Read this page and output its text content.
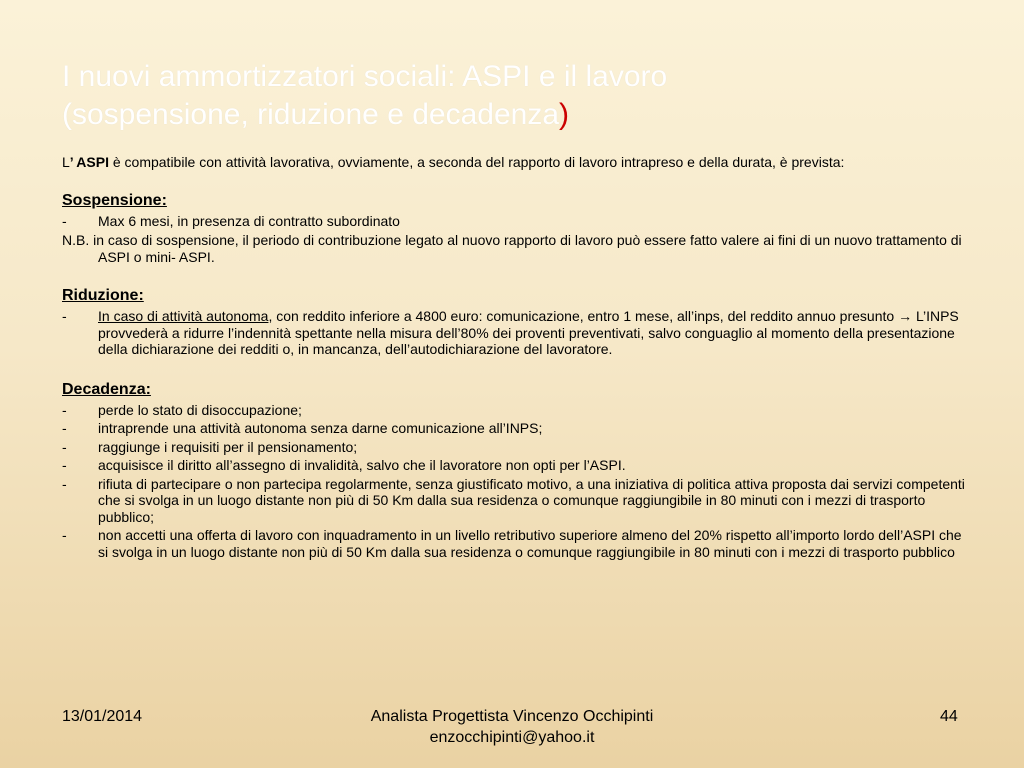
I nuovi ammortizzatori sociali: ASPI e il lavoro
(sospensione, riduzione e decadenza)

L’ ASPI è compatibile con attività lavorativa, ovviamente, a seconda del rapporto di lavoro intrapreso e della durata, è prevista:

Sospensione:
- Max 6 mesi, in presenza di contratto subordinato

N.B. in caso di sospensione, il periodo di contribuzione legato al nuovo rapporto di lavoro può essere fatto valere ai fini di un nuovo trattamento di ASPI o mini- ASPI.

Riduzione:
- In caso di attività autonoma, con reddito inferiore a 4800 euro: comunicazione, entro 1 mese, all’inps, del reddito annuo presunto → L’INPS provvederà a ridurre l’indennità spettante nella misura dell’80% dei proventi preventivati, salvo conguaglio al momento della presentazione della dichiarazione dei redditi o, in mancanza, dell’autodichiarazione del lavoratore.
Decadenza:
- perde lo stato di disoccupazione;
- intraprende una attività autonoma senza darne comunicazione all’INPS;
- raggiunge i requisiti per il pensionamento;
- acquisisce il diritto all’assegno di invalidità, salvo che il lavoratore non opti per l’ASPI.
- rifiuta di partecipare o non partecipa regolarmente, senza giustificato motivo, a una iniziativa di politica attiva proposta dai servizi competenti che si svolga in un luogo distante non più di 50 Km dalla sua residenza o comunque raggiungibile in 80 minuti con i mezzi di trasporto pubblico;
- non accetti una offerta di lavoro con inquadramento in un livello retributivo superiore almeno del 20% rispetto all’importo lordo dell’ASPI che si svolga in un luogo distante non più di 50 Km dalla sua residenza o comunque raggiungibile in 80 minuti con i mezzi di trasporto pubblico
13/01/2014	Analista Progettista Vincenzo Occhipinti
enzocchipinti@yahoo.it
44
